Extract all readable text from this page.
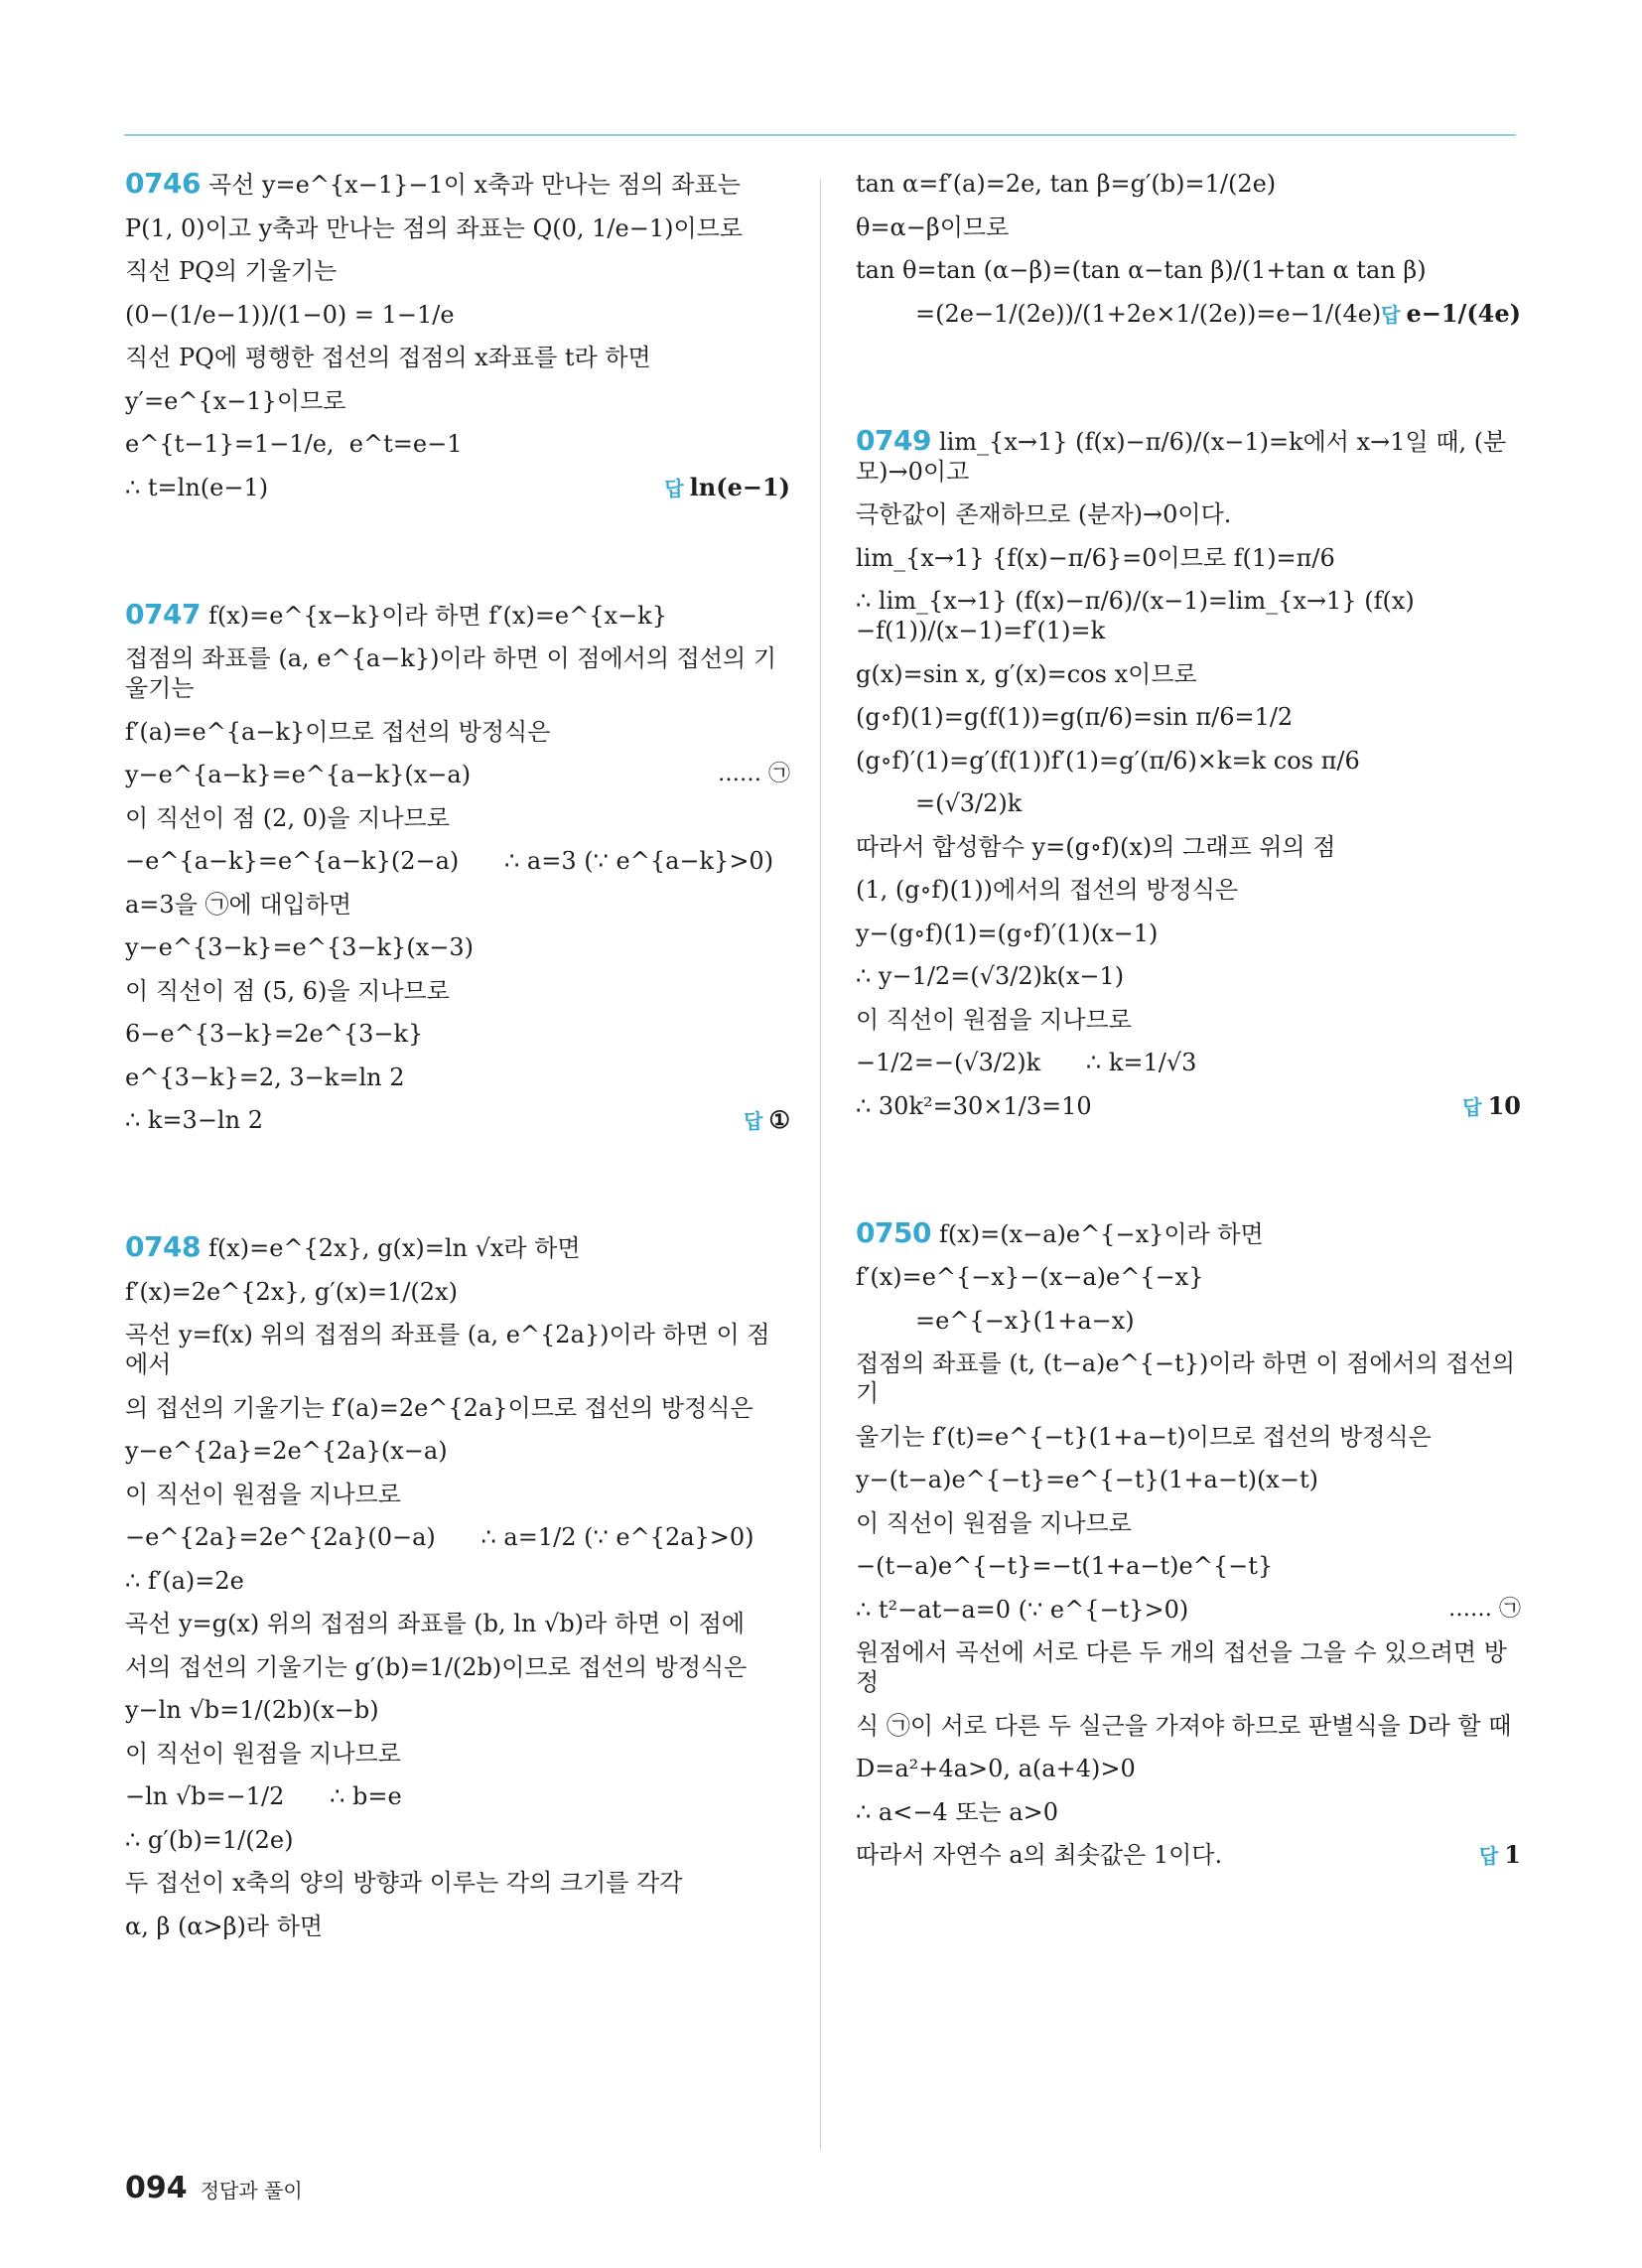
0746 곡선 y=e^{x−1}−1이 x축과 만나는 점의 좌표는
P(1, 0)이고 y축과 만나는 점의 좌표는 Q(0, 1/e−1)이므로
직선 PQ의 기울기는
(0−(1/e−1))/(1−0) = 1−1/e
직선 PQ에 평행한 접선의 접점의 x좌표를 t라 하면
y′=e^{x−1}이므로
e^{t−1}=1−1/e,  e^t=e−1
∴ t=ln(e−1)	답 ln(e−1)
0747 f(x)=e^{x−k}이라 하면 f′(x)=e^{x−k}
접점의 좌표를 (a, e^{a−k})이라 하면 이 점에서의 접선의 기울기는
f′(a)=e^{a−k}이므로 접선의 방정식은
y−e^{a−k}=e^{a−k}(x−a)	…… ㉠
이 직선이 점 (2, 0)을 지나므로
−e^{a−k}=e^{a−k}(2−a)      ∴ a=3 (∵ e^{a−k}>0)
a=3을 ㉠에 대입하면
y−e^{3−k}=e^{3−k}(x−3)
이 직선이 점 (5, 6)을 지나므로
6−e^{3−k}=2e^{3−k}
e^{3−k}=2, 3−k=ln 2
∴ k=3−ln 2	답 ①
0748 f(x)=e^{2x}, g(x)=ln √x라 하면
f′(x)=2e^{2x}, g′(x)=1/(2x)
곡선 y=f(x) 위의 접점의 좌표를 (a, e^{2a})이라 하면 이 점에서
의 접선의 기울기는 f′(a)=2e^{2a}이므로 접선의 방정식은
y−e^{2a}=2e^{2a}(x−a)
이 직선이 원점을 지나므로
−e^{2a}=2e^{2a}(0−a)      ∴ a=1/2 (∵ e^{2a}>0)
∴ f′(a)=2e
곡선 y=g(x) 위의 접점의 좌표를 (b, ln √b)라 하면 이 점에
서의 접선의 기울기는 g′(b)=1/(2b)이므로 접선의 방정식은
y−ln √b=1/(2b)(x−b)
이 직선이 원점을 지나므로
−ln √b=−1/2      ∴ b=e
∴ g′(b)=1/(2e)
두 접선이 x축의 양의 방향과 이루는 각의 크기를 각각
α, β (α>β)라 하면
tan α=f′(a)=2e, tan β=g′(b)=1/(2e)
θ=α−β이므로
tan θ=tan (α−β)=(tan α−tan β)/(1+tan α tan β)
=(2e−1/(2e))/(1+2e×1/(2e))=e−1/(4e) 답 e−1/(4e)
0749 lim_{x→1} (f(x)−π/6)/(x−1)=k에서 x→1일 때, (분모)→0이고
극한값이 존재하므로 (분자)→0이다.
lim_{x→1} {f(x)−π/6}=0이므로 f(1)=π/6
∴ lim_{x→1} (f(x)−π/6)/(x−1)=lim_{x→1} (f(x)−f(1))/(x−1)=f′(1)=k
g(x)=sin x, g′(x)=cos x이므로
(g∘f)(1)=g(f(1))=g(π/6)=sin π/6=1/2
(g∘f)′(1)=g′(f(1))f′(1)=g′(π/6)×k=k cos π/6
=(√3/2)k
따라서 합성함수 y=(g∘f)(x)의 그래프 위의 점
(1, (g∘f)(1))에서의 접선의 방정식은
y−(g∘f)(1)=(g∘f)′(1)(x−1)
∴ y−1/2=(√3/2)k(x−1)
이 직선이 원점을 지나므로
−1/2=−(√3/2)k      ∴ k=1/√3
∴ 30k²=30×1/3=10	답 10
0750 f(x)=(x−a)e^{−x}이라 하면
f′(x)=e^{−x}−(x−a)e^{−x}
=e^{−x}(1+a−x)
접점의 좌표를 (t, (t−a)e^{−t})이라 하면 이 점에서의 접선의 기
울기는 f′(t)=e^{−t}(1+a−t)이므로 접선의 방정식은
y−(t−a)e^{−t}=e^{−t}(1+a−t)(x−t)
이 직선이 원점을 지나므로
−(t−a)e^{−t}=−t(1+a−t)e^{−t}
∴ t²−at−a=0 (∵ e^{−t}>0)	…… ㉠
원점에서 곡선에 서로 다른 두 개의 접선을 그을 수 있으려면 방정
식 ㉠이 서로 다른 두 실근을 가져야 하므로 판별식을 D라 할 때
D=a²+4a>0, a(a+4)>0
∴ a<−4 또는 a>0
따라서 자연수 a의 최솟값은 1이다.	답 1
094 정답과 풀이
